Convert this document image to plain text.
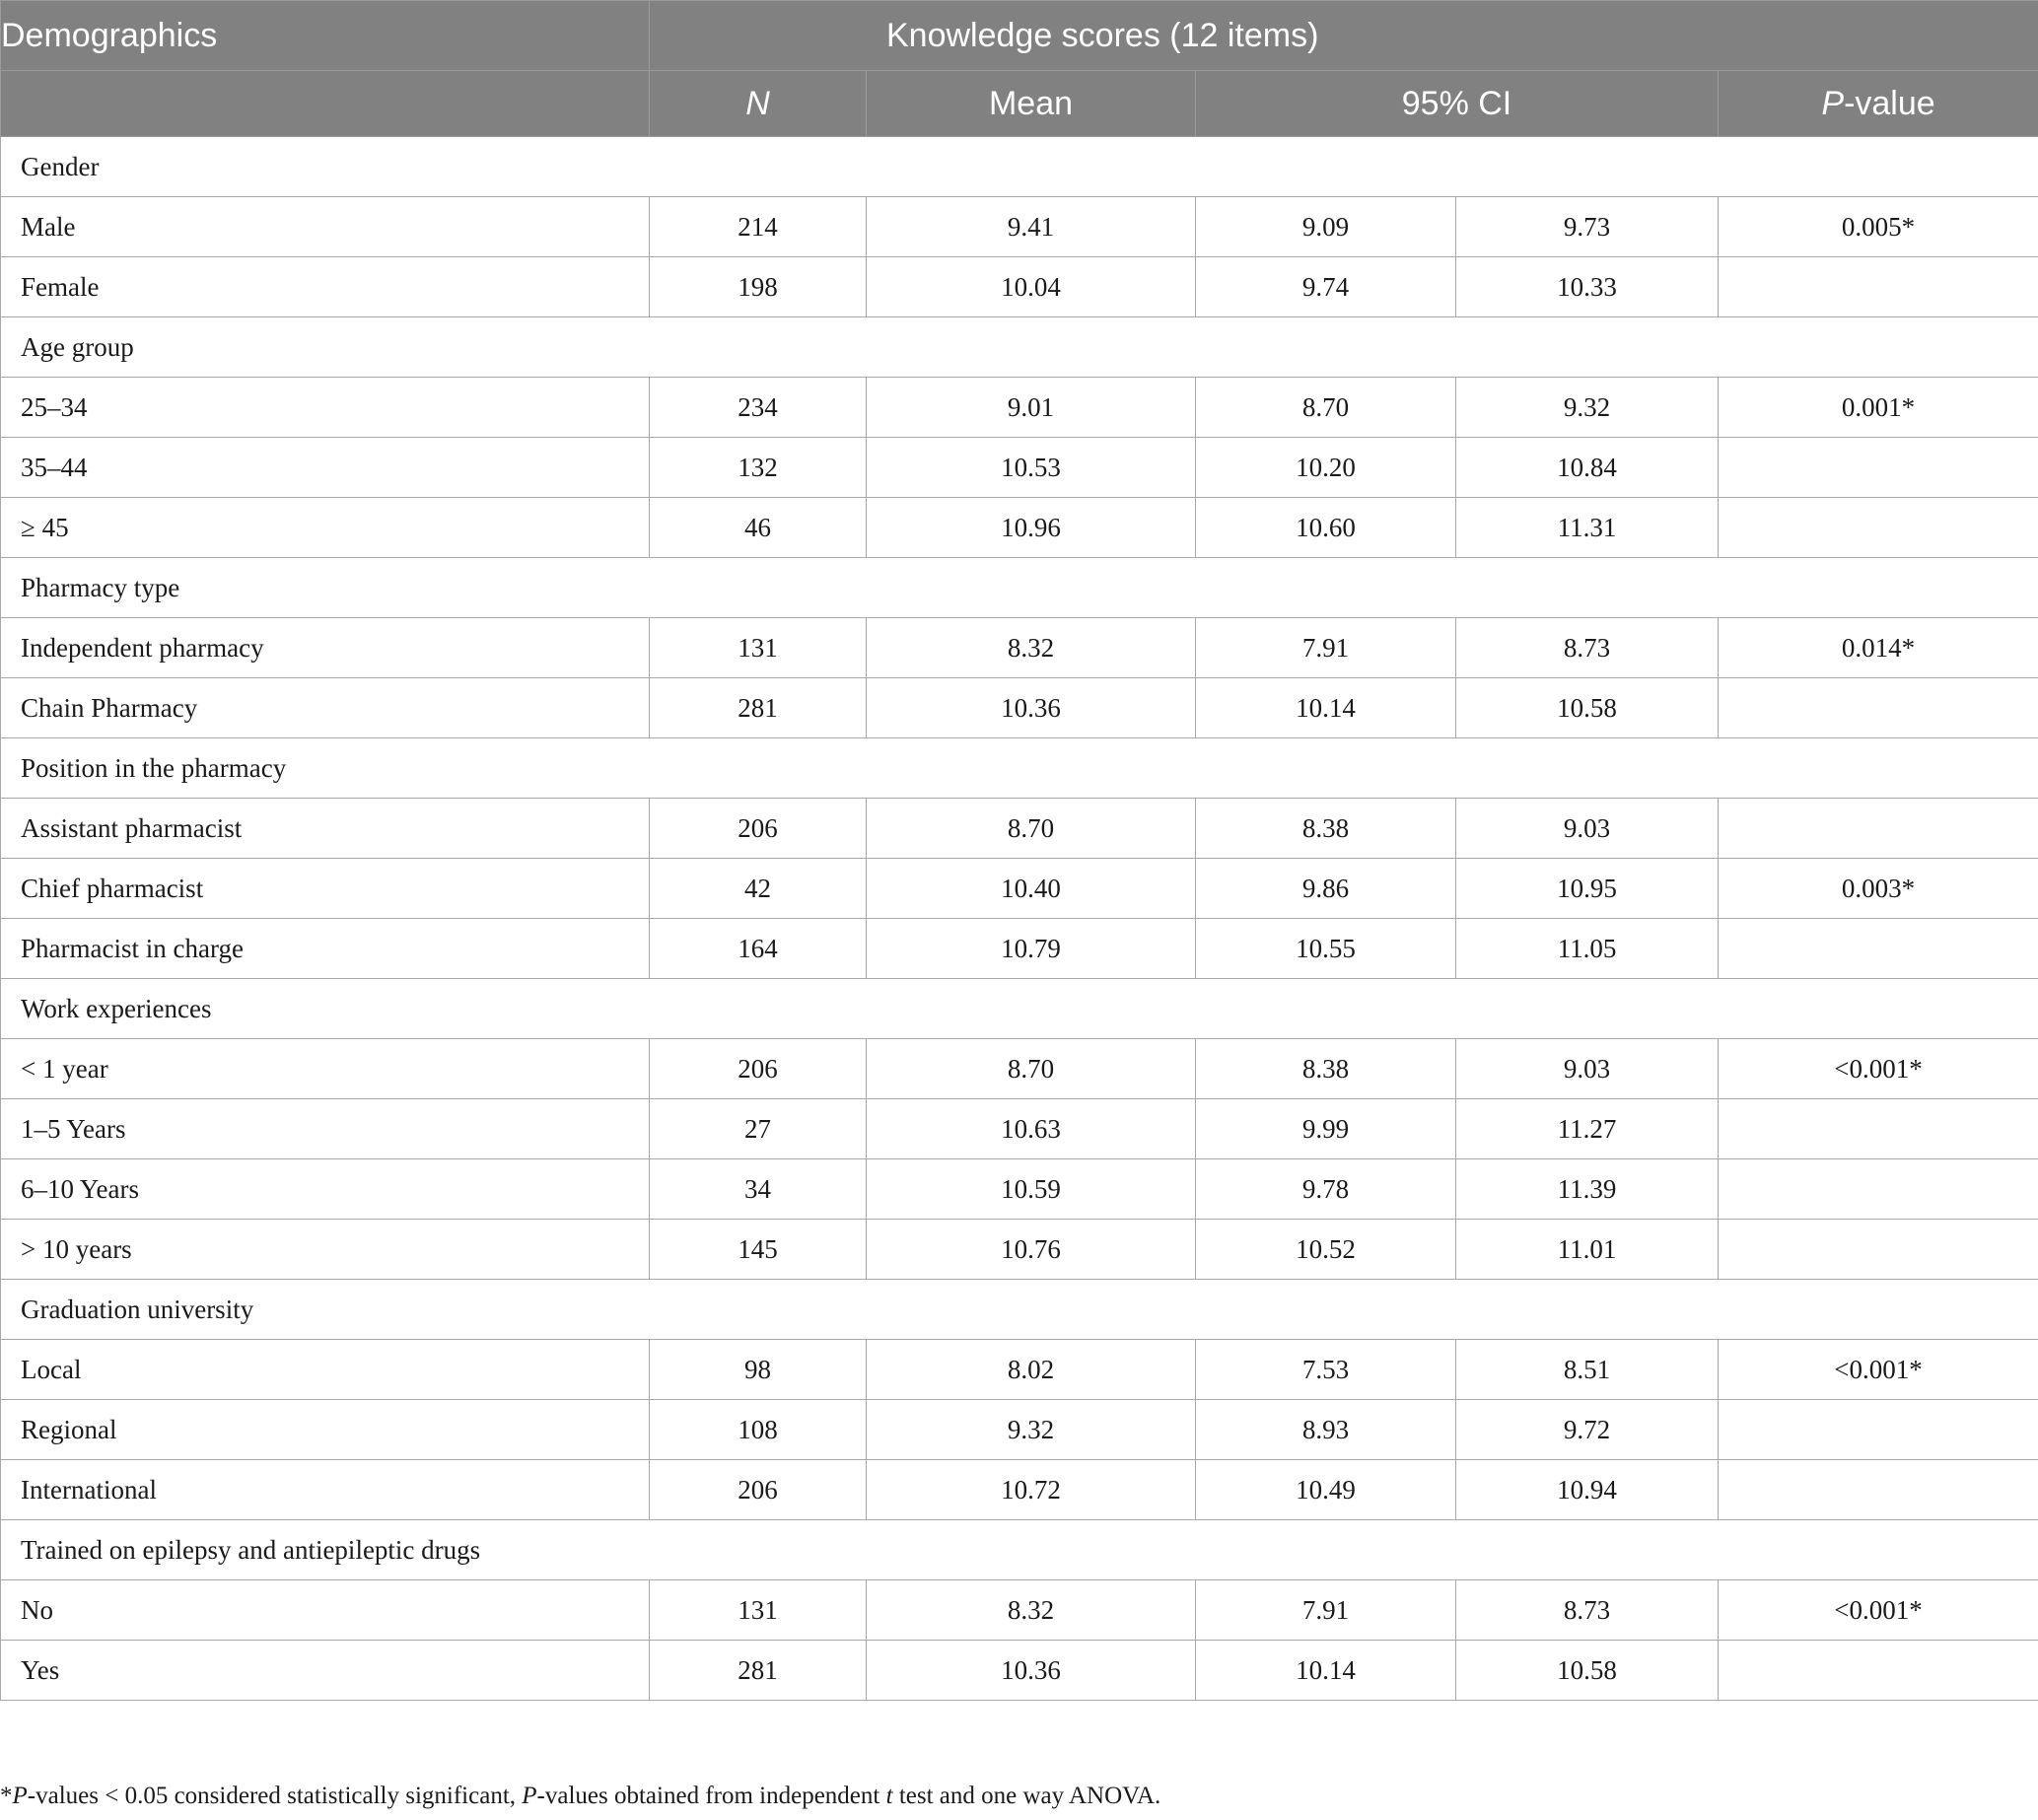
Demographics	Knowledge scores (12 items)				
	N	Mean	95% CI		P-value
Gender					
Male	214	9.41	9.09	9.73	0.005*
Female	198	10.04	9.74	10.33	
Age group					
25–34	234	9.01	8.70	9.32	0.001*
35–44	132	10.53	10.20	10.84	
≥ 45	46	10.96	10.60	11.31	
Pharmacy type					
Independent pharmacy	131	8.32	7.91	8.73	0.014*
Chain Pharmacy	281	10.36	10.14	10.58	
Position in the pharmacy					
Assistant pharmacist	206	8.70	8.38	9.03	
Chief pharmacist	42	10.40	9.86	10.95	0.003*
Pharmacist in charge	164	10.79	10.55	11.05	
Work experiences					
< 1 year	206	8.70	8.38	9.03	<0.001*
1–5 Years	27	10.63	9.99	11.27	
6–10 Years	34	10.59	9.78	11.39	
> 10 years	145	10.76	10.52	11.01	
Graduation university					
Local	98	8.02	7.53	8.51	<0.001*
Regional	108	9.32	8.93	9.72	
International	206	10.72	10.49	10.94	
Trained on epilepsy and antiepileptic drugs					
No	131	8.32	7.91	8.73	<0.001*
Yes	281	10.36	10.14	10.58	
*P-values < 0.05 considered statistically significant, P-values obtained from independent t test and one way ANOVA.
